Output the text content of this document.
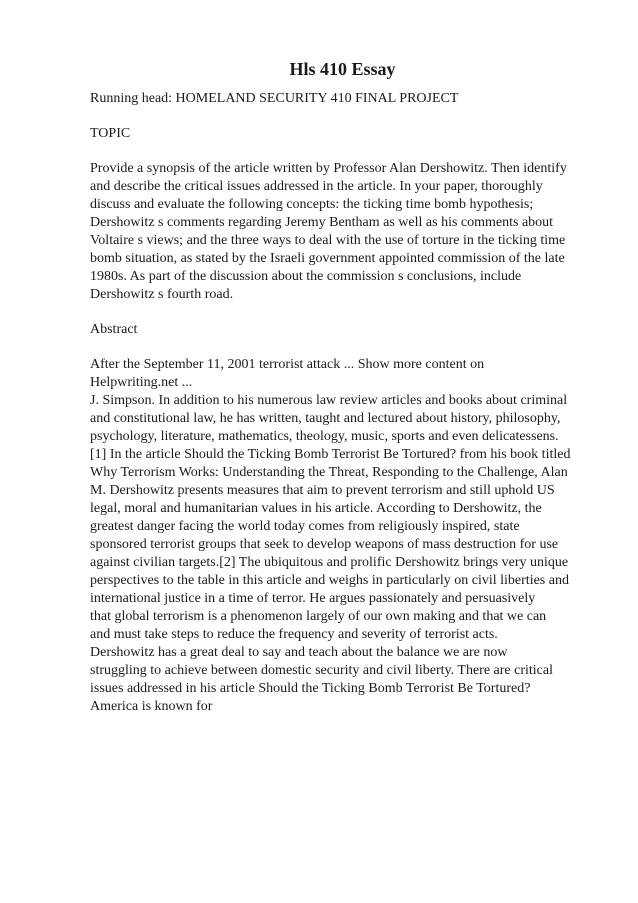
Hls 410 Essay

Running head: HOMELAND SECURITY 410 FINAL PROJECT

TOPIC

Provide a synopsis of the article written by Professor Alan Dershowitz. Then identify
and describe the critical issues addressed in the article. In your paper, thoroughly
discuss and evaluate the following concepts: the ticking time bomb hypothesis;
Dershowitz s comments regarding Jeremy Bentham as well as his comments about
Voltaire s views; and the three ways to deal with the use of torture in the ticking time
bomb situation, as stated by the Israeli government appointed commission of the late
1980s. As part of the discussion about the commission s conclusions, include
Dershowitz s fourth road.

Abstract

After the September 11, 2001 terrorist attack ... Show more content on
Helpwriting.net ...
J. Simpson. In addition to his numerous law review articles and books about criminal
and constitutional law, he has written, taught and lectured about history, philosophy,
psychology, literature, mathematics, theology, music, sports and even delicatessens.
[1] In the article Should the Ticking Bomb Terrorist Be Tortured? from his book titled
Why Terrorism Works: Understanding the Threat, Responding to the Challenge, Alan
M. Dershowitz presents measures that aim to prevent terrorism and still uphold US
legal, moral and humanitarian values in his article. According to Dershowitz, the
greatest danger facing the world today comes from religiously inspired, state
sponsored terrorist groups that seek to develop weapons of mass destruction for use
against civilian targets.[2] The ubiquitous and prolific Dershowitz brings very unique
perspectives to the table in this article and weighs in particularly on civil liberties and
international justice in a time of terror. He argues passionately and persuasively
that global terrorism is a phenomenon largely of our own making and that we can
and must take steps to reduce the frequency and severity of terrorist acts.
Dershowitz has a great deal to say and teach about the balance we are now
struggling to achieve between domestic security and civil liberty. There are critical
issues addressed in his article Should the Ticking Bomb Terrorist Be Tortured?
America is known for
